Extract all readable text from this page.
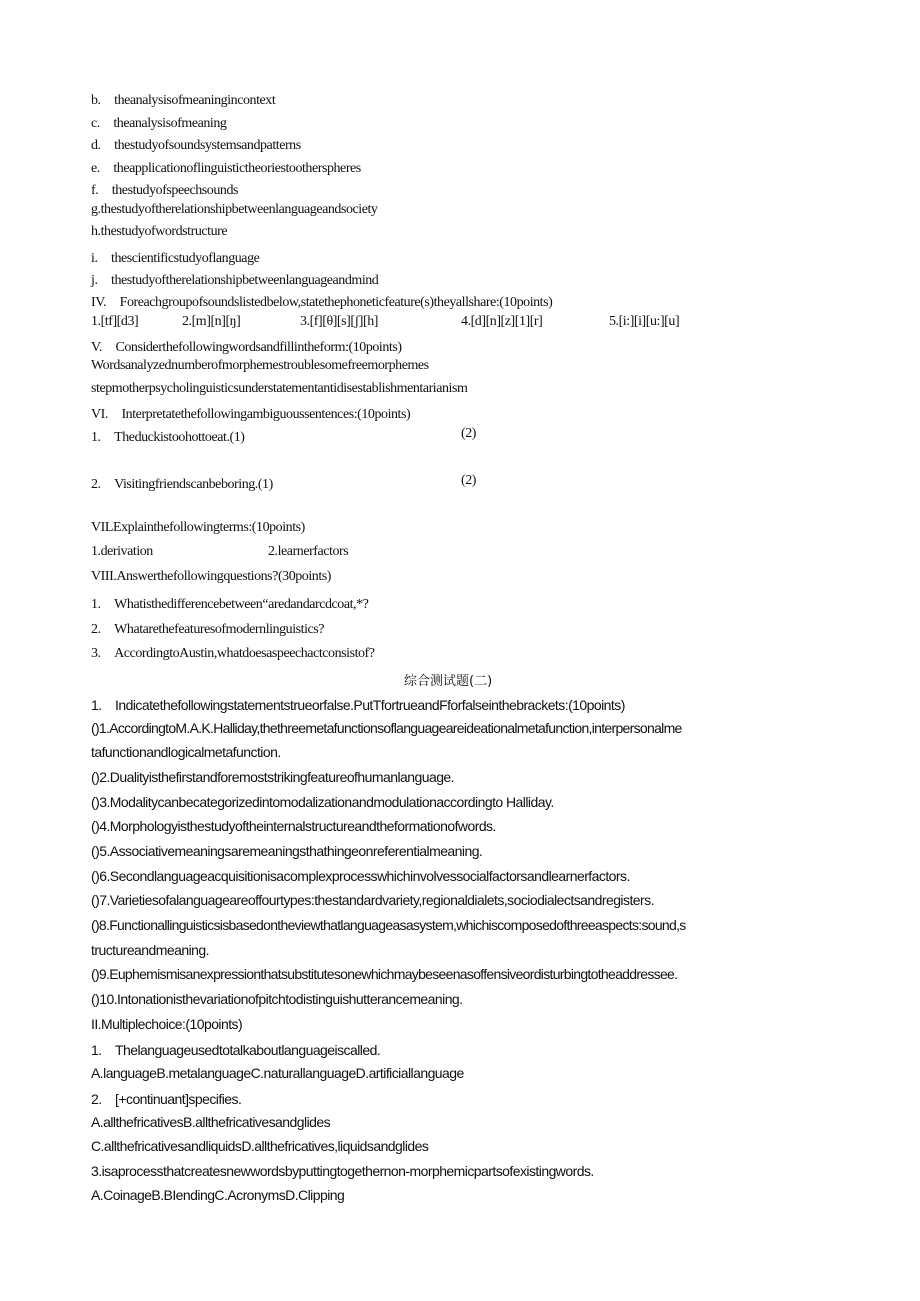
b.　theanalysisofmeaningincontext
c.　theanalysisofmeaning
d.　thestudyofsoundsystemsandpatterns
e.　theapplicationoflinguistictheoriestootherspheres
f.　thestudyofspeechsounds
g.thestudyoftherelationshipbetweenlanguageandsociety
h.thestudyofwordstructure
i.　thescientificstudyoflanguage
j.　thestudyoftherelationshipbetweenlanguageandmind
IV.　Foreachgroupofsoundslistedbelow,statethephoneticfeature(s)theyallshare:(10points)
1.[tf][d3]	2.[m][n][ŋ]	3.[f][θ][s][ʃ][h]	4.[d][n][z][1][r]	5.[i:][i][u:][u]
V.　Considerthefollowingwordsandfillintheform:(10points)
Wordsanalyzednumberofmorphemestroublesomefreemorphemes
stepmotherpsycholinguisticsunderstatementantidisestablishmentarianism
VI.　Interpretatethefollowingambiguoussentences:(10points)
1.　Theduckistoohottoeat.(1)	(2)
2.　Visitingfriendscanbeboring.(1)	(2)
VILExplainthefollowingterms:(10points)
1.derivation	2.learnerfactors
VIII.Answerthefollowingquestions?(30points)
1.　Whatisthedifferencebetween“aredandarcdcoat,*?
2.　Whatarethefeaturesofmodernlinguistics?
3.　AccordingtoAustin,whatdoesaspeechactconsistof?
综合测试题(二)
1.　Indicatethefollowingstatementstrueorfalse.PutTfortrueandFforfalseinthebrackets:(10points)
()1.AccordingtoM.A.K.Halliday,thethreemetafunctionsoflanguageareideationalmetafunction,interpersonalme
tafunctionandlogicalmetafunction.
()2.Dualityisthefirstandforemoststrikingfeatureofhumanlanguage.
()3.Modalitycanbecategorizedintomodalizationandmodulationaccordingto Halliday.
()4.Morphologyisthestudyoftheinternalstructureandtheformationofwords.
()5.Associativemeaningsaremeaningsthathingeonreferentialmeaning.
()6.Secondlanguageacquisitionisacomplexprocesswhichinvolvessocialfactorsandlearnerfactors.
()7.Varietiesofalanguageareoffourtypes:thestandardvariety,regionaldialets,sociodialectsandregisters.
()8.Functionallinguisticsisbasedontheviewthatlanguageasasystem,whichiscomposedofthreeaspects:sound,s
tructureandmeaning.
()9.Euphemismisanexpressionthatsubstitutesonewhichmaybeseenasoffensiveordisturbingtotheaddressee.
()10.Intonationisthevariationofpitchtodistinguishutterancemeaning.
II.Multiplechoice:(10points)
1.　Thelanguageusedtotalkaboutlanguageiscalled.
A.languageB.metalanguageC.naturallanguageD.artificiallanguage
2.　[+continuant]specifies.
A.allthefricativesB.allthefricativesandglides
C.allthefricativesandliquidsD.allthefricatives,liquidsandglides
3.isaprocessthatcreatesnewwordsbyputtingtogethernon-morphemicpartsofexistingwords.
A.CoinageB.BIendingC.AcronymsD.Clipping
